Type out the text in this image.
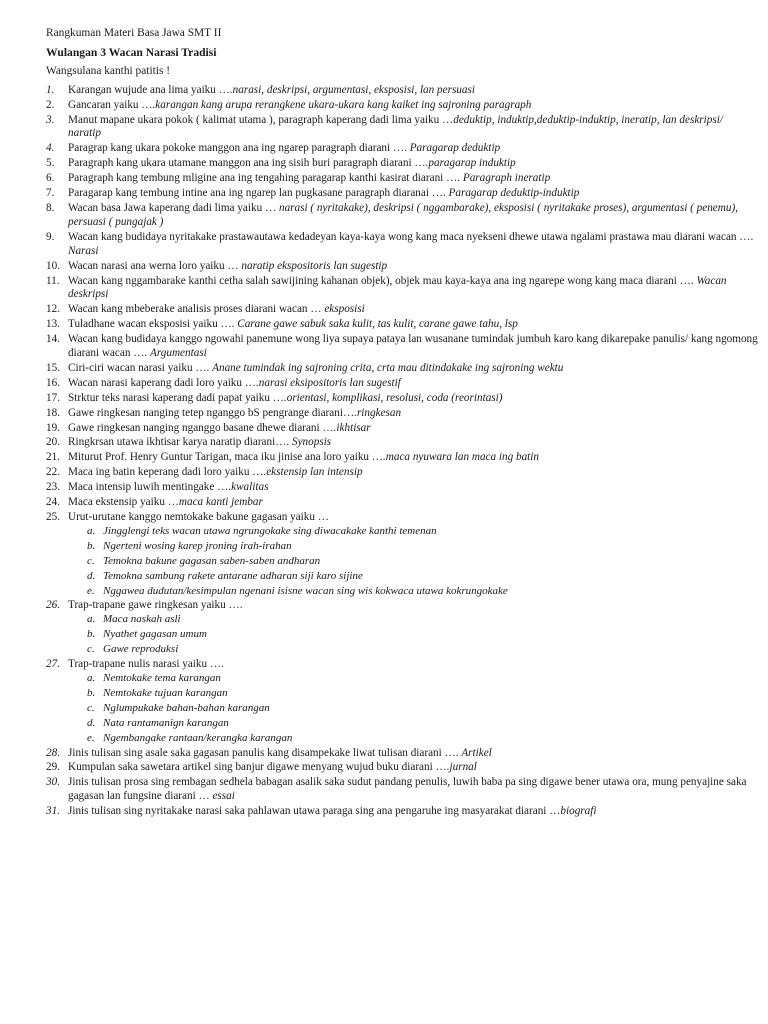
Rangkuman Materi Basa Jawa SMT II
Wulangan 3 Wacan Narasi Tradisi
Wangsulana kanthi patitis !
1. Karangan wujude ana lima yaiku ….narasi, deskripsi, argumentasi, eksposisi, lan persuasi
2. Gancaran yaiku ….karangan kang arupa rerangkene ukara-ukara kang kaiket ing sajroning paragraph
3. Manut mapane ukara pokok ( kalimat utama ), paragraph kaperang dadi lima yaiku …deduktip, induktip,deduktip-induktip, ineratip, lan deskripsi/ naratip
4. Paragrap kang ukara pokoke manggon ana ing ngarep paragraph diarani …. Paragarap deduktip
5. Paragraph kang ukara utamane manggon ana ing sisih buri paragraph diarani ….paragarap induktip
6. Paragraph kang tembung mligine ana ing tengahing paragarap kanthi kasirat diarani …. Paragraph ineratip
7. Paragarap kang tembung intine ana ing ngarep lan pugkasane paragraph diaranai …. Paragarap deduktip-induktip
8. Wacan basa Jawa kaperang dadi lima yaiku … narasi ( nyritakake), deskripsi ( nggambarake), eksposisi ( nyritakake proses), argumentasi ( penemu), persuasi ( pungajak )
9. Wacan kang budidaya nyritakake prastawautawa kedadeyan kaya-kaya wong kang maca nyekseni dhewe utawa ngalami prastawa mau diarani wacan …. Narasi
10. Wacan narasi ana werna loro yaiku … naratip ekspositoris lan sugestip
11. Wacan kang nggambarake kanthi cetha salah sawijining kahanan objek), objek mau kaya-kaya ana ing ngarepe wong kang maca diarani …. Wacan deskripsi
12. Wacan kang mbeberake analisis proses diarani wacan … eksposisi
13. Tuladhane wacan eksposisi yaiku …. Carane gawe sabuk saka kulit, tas kulit, carane gawe tahu, lsp
14. Wacan kang budidaya kanggo ngowahi panemune wong liya supaya pataya lan wusanane tumindak jumbuh karo kang dikarepake panulis/ kang ngomong diarani wacan …. Argumentasi
15. Ciri-ciri wacan narasi yaiku …. Anane tumindak ing sajroning crita, crta mau ditindakake ing sajroning wektu
16. Wacan narasi kaperang dadi loro yaiku ….narasi eksipositoris lan sugestif
17. Strktur teks narasi kaperang dadi papat yaiku ….orientasi, komplikasi, resolusi, coda (reorintasi)
18. Gawe ringkesan nanging tetep nganggo bS pengrange diarani….ringkesan
19. Gawe ringkesan nanging nganggo basane dhewe diarani ….ikhtisar
20. Ringkrsan utawa ikhtisar karya naratip diarani…. Synopsis
21. Miturut Prof. Henry Guntur Tarigan, maca iku jinise ana loro yaiku ….maca nyuwara lan maca ing batin
22. Maca ing batin keperang dadi loro yaiku ….ekstensip lan intensip
23. Maca intensip luwih mentingake ….kwalitas
24. Maca ekstensip yaiku …maca kanti jembar
25. Urut-urutane kanggo nemtokake bakune gagasan yaiku …
a. Jingglengi teks wacan utawa ngrungokake sing diwacakake kanthi temenan
b. Ngerteni wosing karep jroning irah-irahan
c. Temokna bakune gagasan saben-saben andharan
d. Temokna sambung rakete antarane adharan siji karo sijine
e. Nggawea dudutan/kesimpulan ngenani isisne wacan sing wis kokwaca utawa kokrungokake
26. Trap-trapane gawe ringkesan yaiku ….
a. Maca naskah asli
b. Nyathet gagasan umum
c. Gawe reproduksi
27. Trap-trapane nulis narasi yaiku ….
a. Nemtokake tema karangan
b. Nemtokake tujuan karangan
c. Nglumpukake bahan-bahan karangan
d. Nata rantamanign karangan
e. Ngembangake rantaan/kerangka karangan
28. Jinis tulisan sing asale saka gagasan panulis kang disampekake liwat tulisan diarani …. Artikel
29. Kumpulan saka sawetara artikel sing banjur digawe menyang wujud buku diarani ….jurnal
30. Jinis tulisan prosa sing rembagan sedhela babagan asalik saka sudut pandang penulis, luwih baba pa sing digawe bener utawa ora, mung penyajine saka gagasan lan fungsine diarani … essai
31. Jinis tulisan sing nyritakake narasi saka pahlawan utawa paraga sing ana pengaruhe ing masyarakat diarani …biografi
